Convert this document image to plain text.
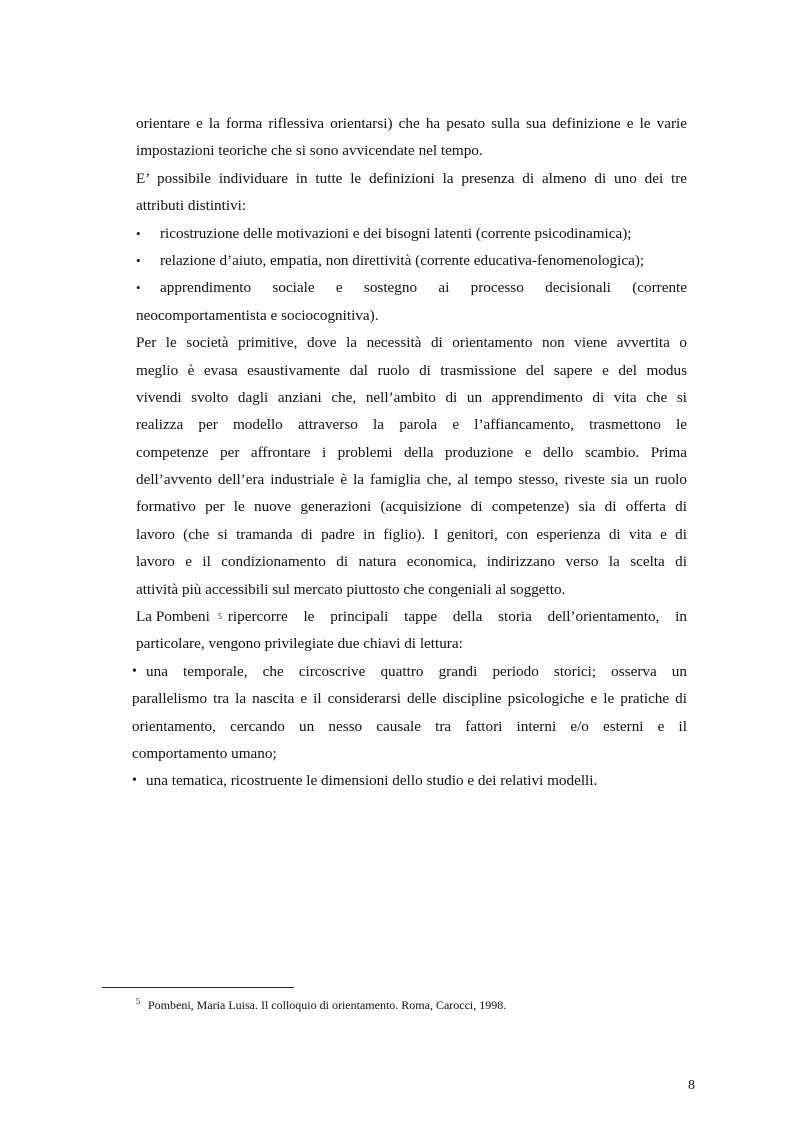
orientare e la forma riflessiva orientarsi) che ha pesato sulla sua definizione e le varie
impostazioni teoriche che si sono avvicendate nel tempo.
E’ possibile individuare in tutte le definizioni la presenza di almeno di uno dei tre
attributi distintivi:
•	ricostruzione delle motivazioni e dei bisogni latenti (corrente psicodinamica);
•	relazione d’aiuto, empatia, non direttività (corrente educativa-fenomenologica);
•	apprendimento sociale e sostegno ai processo decisionali (corrente
neocomportamentista e sociocognitiva).
Per le società primitive, dove la necessità di orientamento non viene avvertita o
meglio è evasa esaustivamente dal ruolo di trasmissione del sapere e del modus
vivendi svolto dagli anziani che, nell’ambito di un apprendimento di vita che si
realizza per modello attraverso la parola e l’affiancamento, trasmettono le
competenze per affrontare i problemi della produzione e dello scambio. Prima
dell’avvento dell’era industriale è la famiglia che, al tempo stesso, riveste sia un ruolo
formativo per le nuove generazioni (acquisizione di competenze) sia di offerta di
lavoro (che si tramanda di padre in figlio). I genitori, con esperienza di vita e di
lavoro e il condizionamento di natura economica, indirizzano verso la scelta di
attività più accessibili sul mercato piuttosto che congeniali al soggetto.
La Pombeni 5 ripercorre le principali tappe della storia dell’orientamento, in
particolare, vengono privilegiate due chiavi di lettura:
• una temporale, che circoscrive quattro grandi periodo storici; osserva un
parallelismo tra la nascita e il considerarsi delle discipline psicologiche e le pratiche di
orientamento, cercando un nesso causale tra fattori interni e/o esterni e il
comportamento umano;
• una tematica, ricostruente le dimensioni dello studio e dei relativi modelli.
$^5$ Pombeni, Maria Luisa. Il colloquio di orientamento. Roma, Carocci, 1998.
8
